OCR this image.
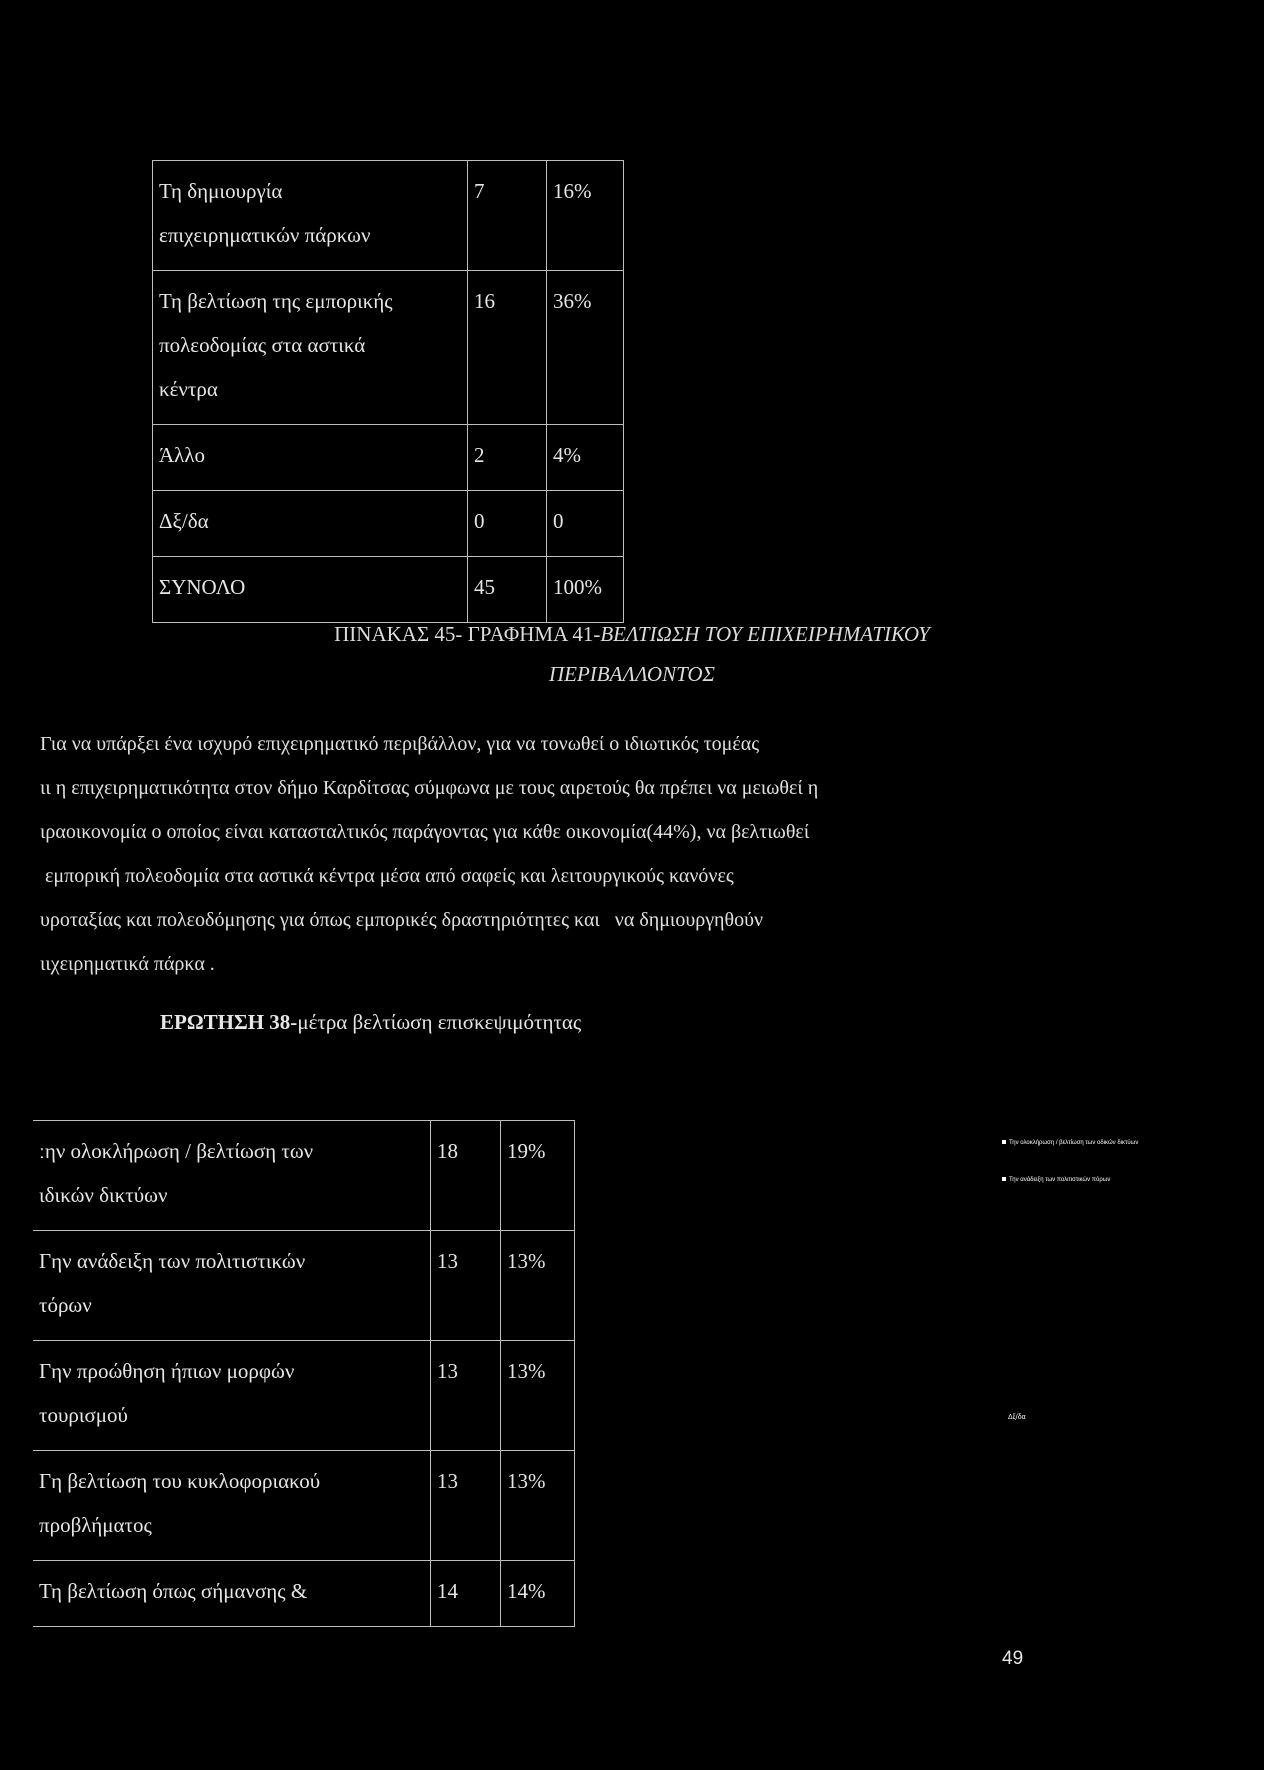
Τη δημιουργία
επιχειρηματικών πάρκων	7	16%

Τη βελτίωση της εμπορικής
πολεοδομίας στα αστικά
κέντρα	16	36%

Άλλο	2	4%

Δξ/δα	0	0

ΣΥΝΟΛΟ	45	100%
ΠΙΝΑΚΑΣ 45- ΓΡΑΦΗΜΑ 41-ΒΕΛΤΙΩΣΗ ΤΟΥ ΕΠΙΧΕΙΡΗΜΑΤΙΚΟΥ
ΠΕΡΙΒΑΛΛΟΝΤΟΣ
Για να υπάρξει ένα ισχυρό επιχειρηματικό περιβάλλον, για να τονωθεί ο ιδιωτικός τομέας
ιι η επιχειρηματικότητα στον δήμο Καρδίτσας σύμφωνα με τους αιρετούς θα πρέπει να μειωθεί η
ιραοικονομία ο οποίος είναι κατασταλτικός παράγοντας για κάθε οικονομία(44%), να βελτιωθεί
εμπορική πολεοδομία στα αστικά κέντρα μέσα από σαφείς και λειτουργικούς κανόνες
υροταξίας και πολεοδόμησης για όπως εμπορικές δραστηριότητες και   να δημιουργηθούν
ιιχειρηματικά πάρκα .
ΕΡΩΤΗΣΗ 38-μέτρα βελτίωση επισκεψιμότητας
ːην ολοκλήρωση / βελτίωση των
ιδικών δικτύων	18	19%

Γην ανάδειξη των πολιτιστικών
τόρων	13	13%

Γην προώθηση ήπιων μορφών
τουρισμού	13	13%

Γη βελτίωση του κυκλοφοριακού
προβλήματος	13	13%

Τη βελτίωση όπως σήμανσης &	14	14%
Την ολοκλήρωση / βελτίωση των οδικών δικτύων
Την ανάδειξη των πολιτιστικών πόρων
Δξ/δα
49
